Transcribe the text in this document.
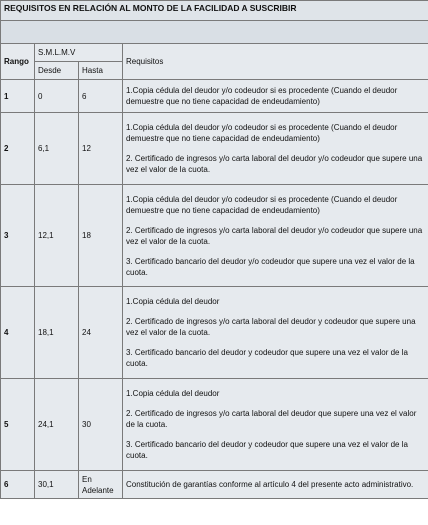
REQUISITOS EN RELACIÓN AL MONTO DE LA FACILIDAD A SUSCRIBIR			

Rango	S.M.L.M.V		Requisitos
	Desde	Hasta	
1	0	6	1.Copia cédula del deudor y/o codeudor si es procedente (Cuando el deudor demuestre que no tiene capacidad de endeudamiento)

2	6,1	12	1.Copia cédula del deudor y/o codeudor si es procedente (Cuando el deudor demuestre que no tiene capacidad de endeudamiento)

2. Certificado de ingresos y/o carta laboral del deudor y/o codeudor que supere una vez el valor de la cuota.

3	12,1	18	1.Copia cédula del deudor y/o codeudor si es procedente (Cuando el deudor demuestre que no tiene capacidad de endeudamiento)

2. Certificado de ingresos y/o carta laboral del deudor y/o codeudor que supere una vez el valor de la cuota.

3. Certificado bancario del deudor y/o codeudor que supere una vez el valor de la cuota.

4	18,1	24	1.Copia cédula del deudor

2. Certificado de ingresos y/o carta laboral del deudor y codeudor que supere una vez el valor de la cuota.

3. Certificado bancario del deudor y codeudor que supere una vez el valor de la cuota.

5	24,1	30	1.Copia cédula del deudor

2. Certificado de ingresos y/o carta laboral del deudor que supere una vez el valor de la cuota.

3. Certificado bancario del deudor y codeudor que supere una vez el valor de la cuota.

6	30,1	En Adelante	Constitución de garantías conforme al artículo 4 del presente acto administrativo.
